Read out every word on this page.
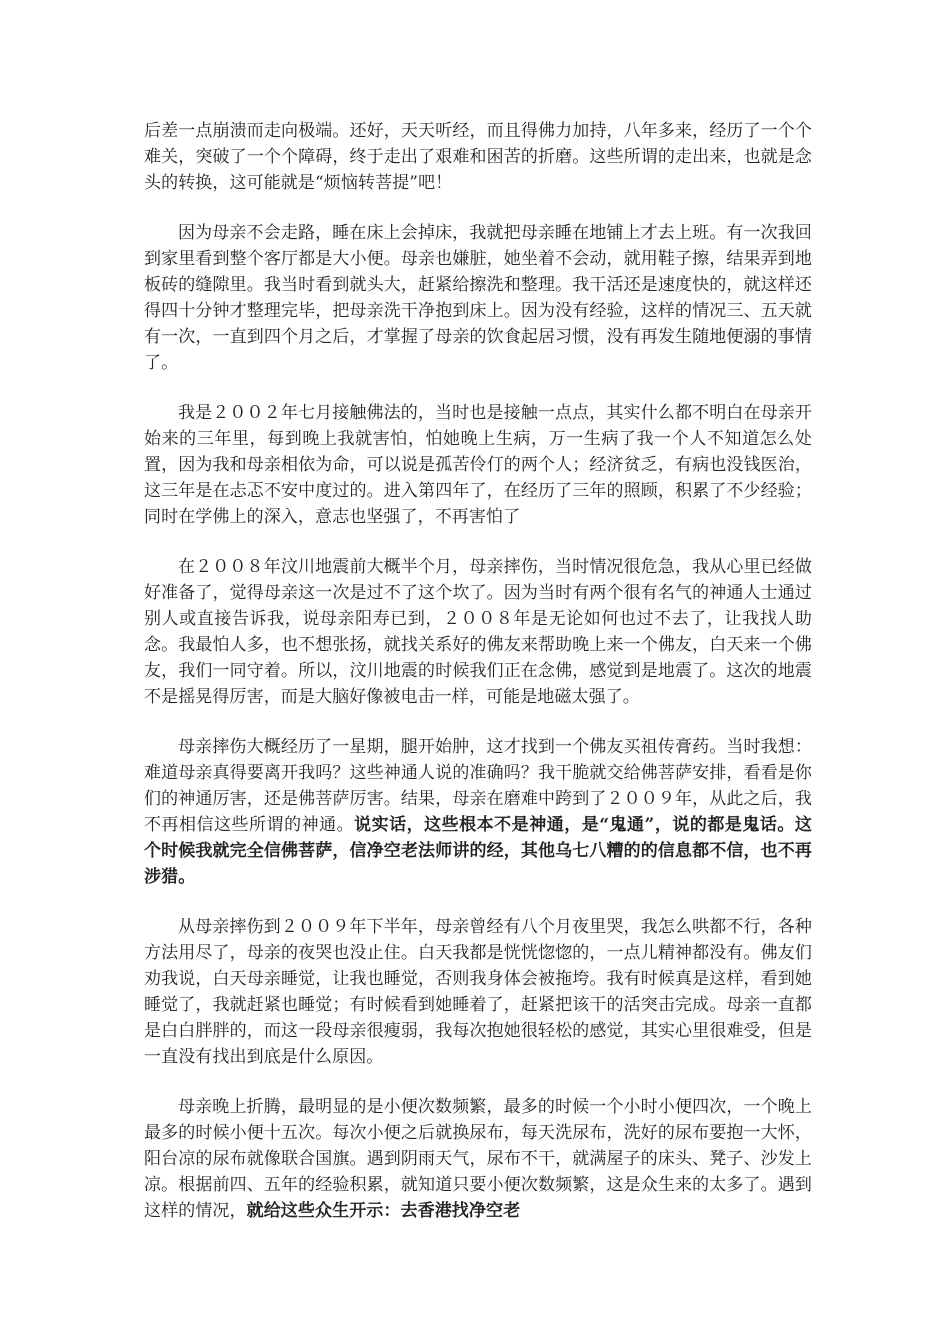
后差一点崩溃而走向极端。还好，天天听经，而且得佛力加持，八年多来，经历了一个个难关，突破了一个个障碍，终于走出了艰难和困苦的折磨。这些所谓的走出来，也就是念头的转换，这可能就是“烦恼转菩提”吧！

因为母亲不会走路，睡在床上会掉床，我就把母亲睡在地铺上才去上班。有一次我回到家里看到整个客厅都是大小便。母亲也嫌脏，她坐着不会动，就用鞋子擦，结果弄到地板砖的缝隙里。我当时看到就头大，赶紧给擦洗和整理。我干活还是速度快的，就这样还得四十分钟才整理完毕，把母亲洗干净抱到床上。因为没有经验，这样的情况三、五天就有一次，一直到四个月之后，才掌握了母亲的饮食起居习惯，没有再发生随地便溺的事情了。

我是２００２年七月接触佛法的，当时也是接触一点点，其实什么都不明白在母亲开始来的三年里，每到晚上我就害怕，怕她晚上生病，万一生病了我一个人不知道怎么处置，因为我和母亲相依为命，可以说是孤苦伶仃的两个人；经济贫乏，有病也没钱医治，这三年是在忐忑不安中度过的。进入第四年了，在经历了三年的照顾，积累了不少经验；同时在学佛上的深入，意志也坚强了，不再害怕了

在２００８年汶川地震前大概半个月，母亲摔伤，当时情况很危急，我从心里已经做好准备了，觉得母亲这一次是过不了这个坎了。因为当时有两个很有名气的神通人士通过别人或直接告诉我，说母亲阳寿已到，２００８年是无论如何也过不去了，让我找人助念。我最怕人多，也不想张扬，就找关系好的佛友来帮助晚上来一个佛友，白天来一个佛友，我们一同守着。所以，汶川地震的时候我们正在念佛，感觉到是地震了。这次的地震不是摇晃得厉害，而是大脑好像被电击一样，可能是地磁太强了。

母亲摔伤大概经历了一星期，腿开始肿，这才找到一个佛友买祖传膏药。当时我想：难道母亲真得要离开我吗？这些神通人说的准确吗？我干脆就交给佛菩萨安排，看看是你们的神通厉害，还是佛菩萨厉害。结果，母亲在磨难中跨到了２００９年，从此之后，我不再相信这些所谓的神通。说实话，这些根本不是神通，是“鬼通”，说的都是鬼话。这个时候我就完全信佛菩萨，信净空老法师讲的经，其他乌七八糟的的信息都不信，也不再涉猎。

从母亲摔伤到２００９年下半年，母亲曾经有八个月夜里哭，我怎么哄都不行，各种方法用尽了，母亲的夜哭也没止住。白天我都是恍恍惚惚的，一点儿精神都没有。佛友们劝我说，白天母亲睡觉，让我也睡觉，否则我身体会被拖垮。我有时候真是这样，看到她睡觉了，我就赶紧也睡觉；有时候看到她睡着了，赶紧把该干的活突击完成。母亲一直都是白白胖胖的，而这一段母亲很瘦弱，我每次抱她很轻松的感觉，其实心里很难受，但是一直没有找出到底是什么原因。

母亲晚上折腾，最明显的是小便次数频繁，最多的时候一个小时小便四次，一个晚上最多的时候小便十五次。每次小便之后就换尿布，每天洗尿布，洗好的尿布要抱一大怀，阳台凉的尿布就像联合国旗。遇到阴雨天气，尿布不干，就满屋子的床头、凳子、沙发上凉。根据前四、五年的经验积累，就知道只要小便次数频繁，这是众生来的太多了。遇到这样的情况，就给这些众生开示：去香港找净空老
